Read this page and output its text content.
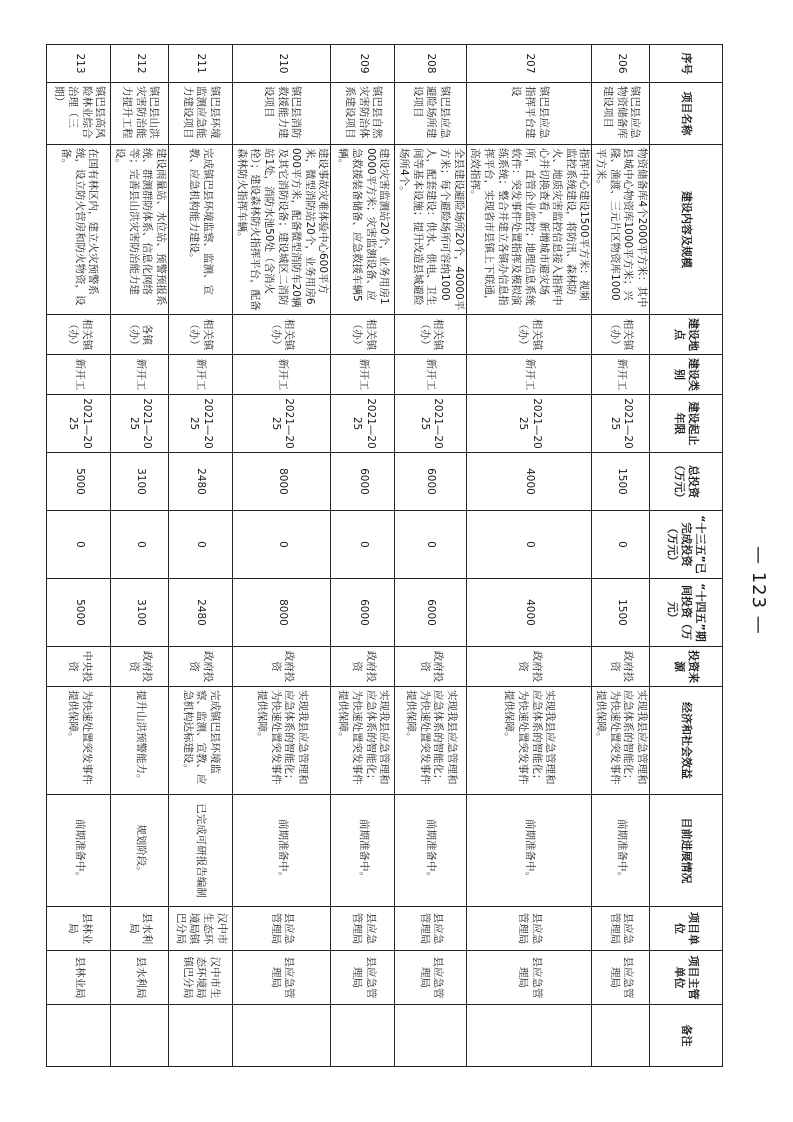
序号	项目名称	建设内容及规模	建设地点	建设类别	建设起止年限	总投资（万元）	“十三五”已完成投资（万元）	“十四五”期间投资（万元）	投资来源	经济和社会效益	目前进展情况	项目单位	项目主管单位	备注
206	镇巴县应急物资储备库建设项目	物资储备库4个2000平方米：其中县城中心物资库1000平方米；兴隆、渔渡、三元片区物资库1000平方米。	相关镇（办）	新开工	2021—2025	1500	0	1500	政府投资	实现我县应急管理和应急体系的智能化；为快速处置突发事件提供保障。	前期准备中。	县应急管理局	县应急管理局	
207	镇巴县应急指挥平台建设	指挥中心建设1500平方米：视频监控系统建设，将防汛、森林防火、地质灾害监控信息接入指挥中心并切换查看，新增城市避灾场所，直管企业监控；地理信息系统软件：突发事件处置指挥及模拟演练系统；整合并建立各镇办信息指挥平台，实现省市县镇上下联通，高效指挥。	相关镇（办）	新开工	2021—2025	4000	0	4000	政府投资	实现我县应急管理和应急体系的智能化；为快速处置突发事件提供保障。	前期准备中。	县应急管理局	县应急管理局	
208	镇巴县应急避险场所建设项目	全县建设避险场所20个，40000平方米；每个避险场所可容纳1000人，配套建设：供水、供电、卫生间等基本设施；提升改造县城避险场所4个。	相关镇（办）	新开工	2021—2025	6000	0	6000	政府投资	实现我县应急管理和应急体系的智能化；为快速处置突发事件提供保障。	前期准备中。	县应急管理局	县应急管理局	
209	镇巴县自然灾害防治体系建设项目	建设灾害监测站20个，业务用房10000平方米；灾害监测设备、应急救援装备储备、应急救援车辆5辆。	相关镇（办）	新开工	2021—2025	6000	0	6000	政府投资	实现我县应急管理和应急体系的智能化；为快速处置突发事件提供保障。	前期准备中。	县应急管理局	县应急管理局	
210	镇巴县消防救援能力建设项目	建设事故灾难体验中心600平方米，微型消防站20个，业务用房6000平方米，配备微型消防车20辆及其它消防设备；建设城区二消防站1处，消防水池50处（含消火栓）；建设森林防火指挥平台，配备森林防火指挥车辆。	相关镇（办）	新开工	2021—2025	8000	0	8000	政府投资	实现我县应急管理和应急体系的智能化；为快速处置突发事件提供保障。	前期准备中。	县应急管理局	县应急管理局	
211	镇巴县环境监测应急能力建设项目	完成镇巴县环境监察、监测、宣教、应急机构能力建设。	相关镇（办）	新开工	2021—2025	2480	0	2480	政府投资	完成镇巴县环境监察、监测、宣教、应急机构达标建设。	已完成可研报告编制	汉中市生态环境局镇巴分局	汉中市生态环境局镇巴分局	
212	镇巴县山洪灾害防治能力提升工程	建设雨量站、水位站、预警预报系统、群测群防体系、信息化网络等；完善县山洪灾害防治能力建设。	各镇（办）	新开工	2021—2025	3100	0	3100	政府投资	提升山洪预警能力。	规划阶段。	县水利局	县水利局	
213	镇巴县高风险林业综合治理（三期）	在国有林区内，建立火灾预警系统，设立防火营房和防火物资，设备。	相关镇（办）	新开工	2021—2025	5000	0	5000	中央投资	为快速处置突发事件提供保障。	前期准备中。	县林业局	县林业局	
— 123 —
